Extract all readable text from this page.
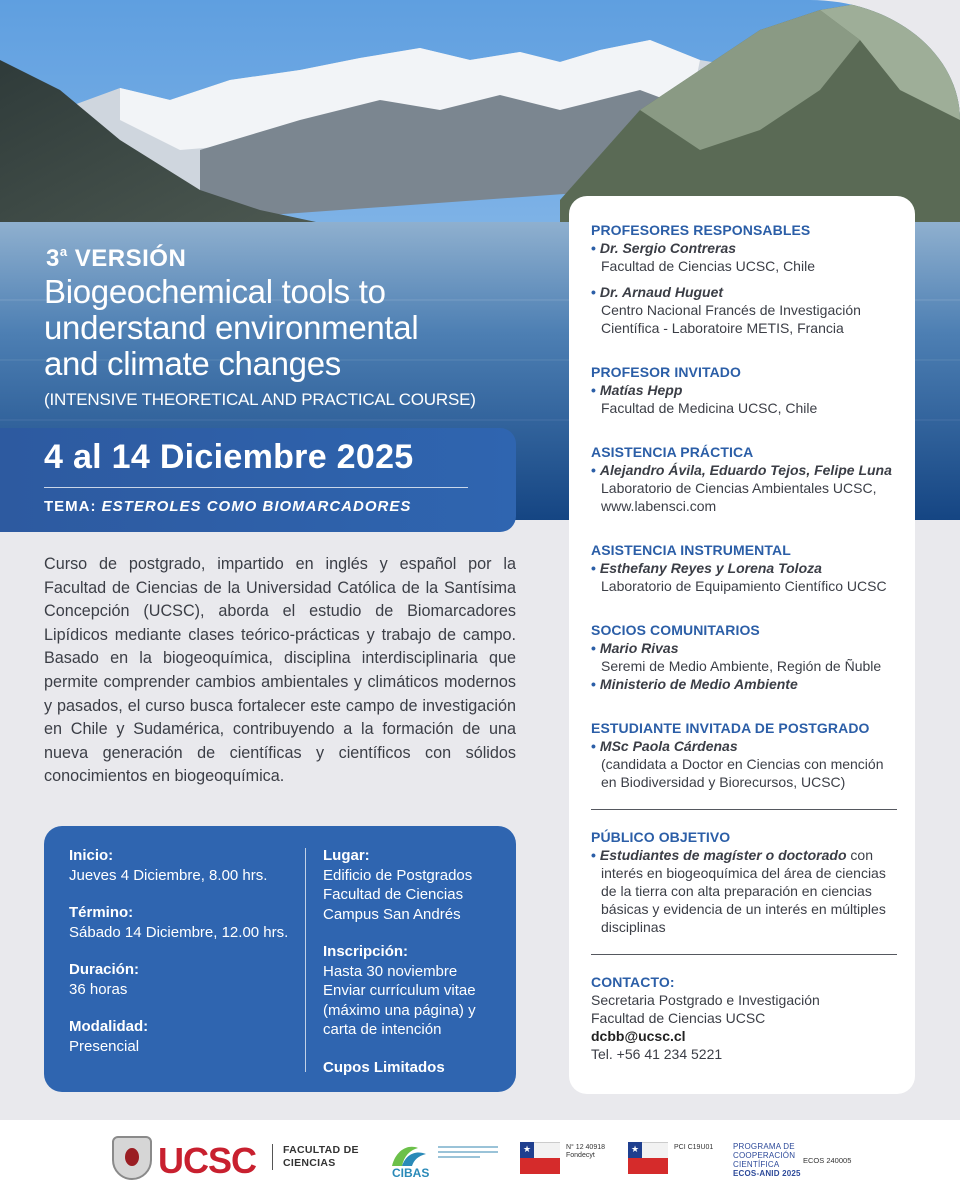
3$^a$ VERSIÓN
Biogeochemical tools to
understand environmental
and climate changes
(INTENSIVE THEORETICAL AND PRACTICAL COURSE)
4 al 14 Diciembre 2025
TEMA: ESTEROLES COMO BIOMARCADORES

Curso de postgrado, impartido en inglés y español por la Facultad de Ciencias de la Universidad Católica de la Santísima Concepción (UCSC), aborda el estudio de Biomarcadores Lipídicos mediante clases teórico-prácticas y trabajo de campo. Basado en la biogeoquímica, disciplina interdisciplinaria que permite comprender cambios ambientales y climáticos modernos y pasados, el curso busca fortalecer este campo de investigación en Chile y Sudamérica, contribuyendo a la formación de una nueva generación de científicas y científicos con sólidos conocimientos en biogeoquímica.

Inicio:
Jueves 4 Diciembre, 8.00 hrs.
Término:
Sábado 14 Diciembre, 12.00 hrs.
Duración:
36 horas
Modalidad:
Presencial
Lugar:
Edificio de Postgrados
Facultad de Ciencias
Campus San Andrés
Inscripción:
Hasta 30 noviembre
Enviar currículum vitae
(máximo una página) y
carta de intención
Cupos Limitados
PROFESORES RESPONSABLES
• Dr. Sergio Contreras
Facultad de Ciencias UCSC, Chile
• Dr. Arnaud Huguet
Centro Nacional Francés de Investigación
Científica - Laboratoire METIS, Francia
PROFESOR INVITADO
• Matías Hepp
Facultad de Medicina UCSC, Chile
ASISTENCIA PRÁCTICA
• Alejandro Ávila, Eduardo Tejos, Felipe Luna
Laboratorio de Ciencias Ambientales UCSC,
www.labensci.com
ASISTENCIA INSTRUMENTAL
• Esthefany Reyes y Lorena Toloza
Laboratorio de Equipamiento Científico UCSC
SOCIOS COMUNITARIOS
• Mario Rivas
Seremi de Medio Ambiente, Región de Ñuble
• Ministerio de Medio Ambiente
ESTUDIANTE INVITADA DE POSTGRADO
• MSc Paola Cárdenas
(candidata a Doctor en Ciencias con mención
en Biodiversidad y Biorecursos, UCSC)
PÚBLICO OBJETIVO
• Estudiantes de magíster o doctorado con
interés en biogeoquímica del área de ciencias
de la tierra con alta preparación en ciencias
básicas y evidencia de un interés en múltiples
disciplinas
CONTACTO:
Secretaria Postgrado e Investigación
Facultad de Ciencias UCSC
dcbb@ucsc.cl
Tel. +56 41 234 5221
UCSC	FACULTAD DE
CIENCIAS
CIBAS
★	N° 12 40918
Fondecyt
★	PCI C19U01 PROGRAMA DE
COOPERACIÓN
CIENTÍFICA
ECOS-ANID 2025
ECOS 240005
